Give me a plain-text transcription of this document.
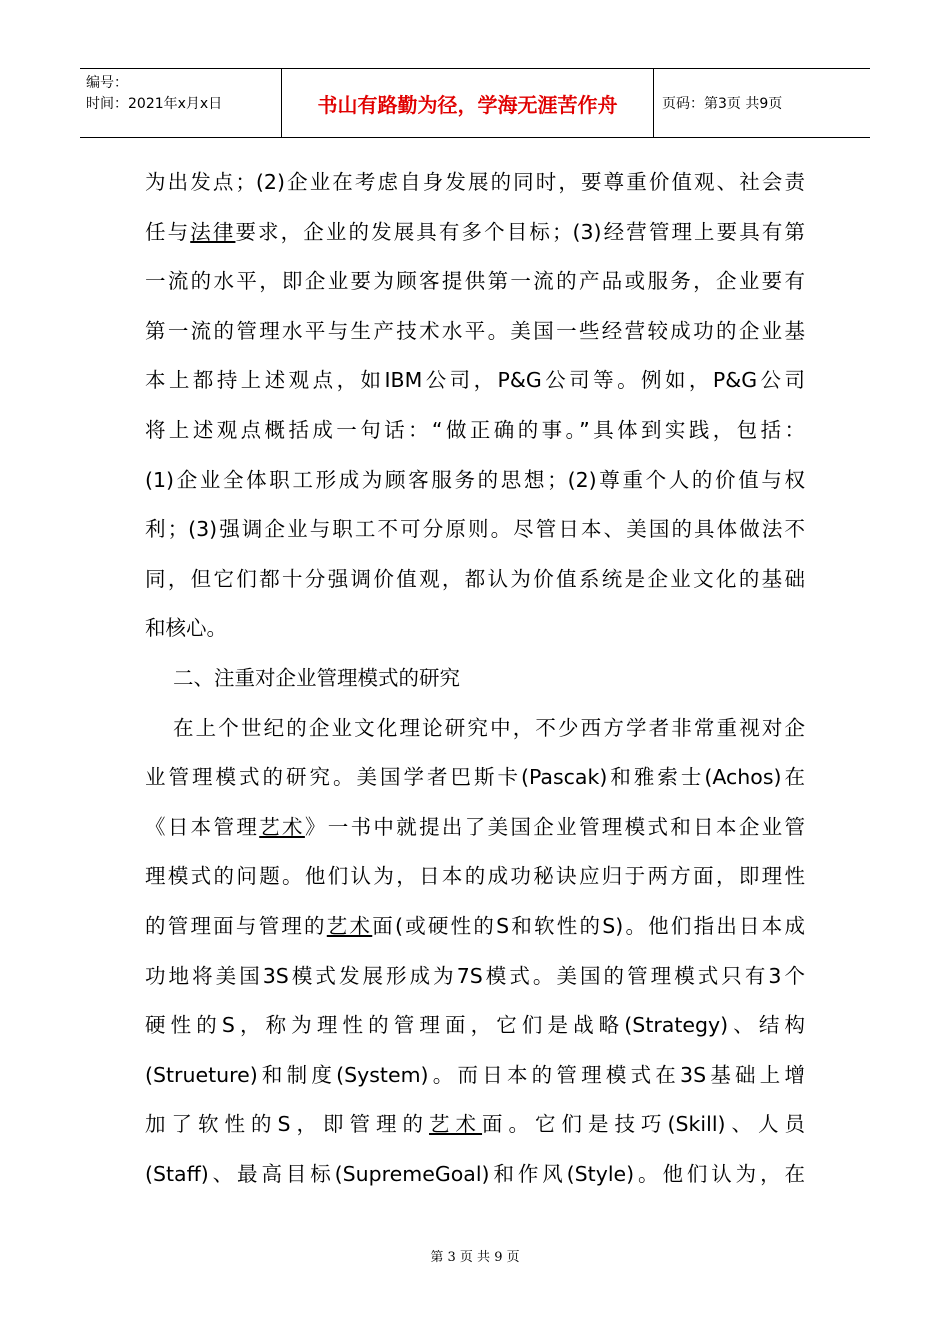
编号：
时间：2021年x月x日	书山有路勤为径，学海无涯苦作舟	页码：第3页 共9页
为出发点；(2)企业在考虑自身发展的同时，要尊重价值观、社会责
任与法律要求，企业的发展具有多个目标；(3)经营管理上要具有第
一流的水平，即企业要为顾客提供第一流的产品或服务，企业要有
第一流的管理水平与生产技术水平。美国一些经营较成功的企业基
本上都持上述观点，如IBM公司，P&G公司等。例如，P&G公司
将上述观点概括成一句话：“做正确的事。”具体到实践，包括：
(1)企业全体职工形成为顾客服务的思想；(2)尊重个人的价值与权
利；(3)强调企业与职工不可分原则。尽管日本、美国的具体做法不
同，但它们都十分强调价值观，都认为价值系统是企业文化的基础
和核心。
二、注重对企业管理模式的研究
在上个世纪的企业文化理论研究中，不少西方学者非常重视对企
业管理模式的研究。美国学者巴斯卡(Pascak)和雅索士(Achos)在
《日本管理艺术》一书中就提出了美国企业管理模式和日本企业管
理模式的问题。他们认为，日本的成功秘诀应归于两方面，即理性
的管理面与管理的艺术面(或硬性的S和软性的S)。他们指出日本成
功地将美国3S模式发展形成为7S模式。美国的管理模式只有3个
硬性的S，称为理性的管理面，它们是战略(Strategy)、结构
(Strueture)和制度(System)。而日本的管理模式在3S基础上增
加了软性的S，即管理的艺术面。它们是技巧(Skill)、人员
(Staff)、最高目标(SupremeGoal)和作风(Style)。他们认为，在
第 3 页 共 9 页
